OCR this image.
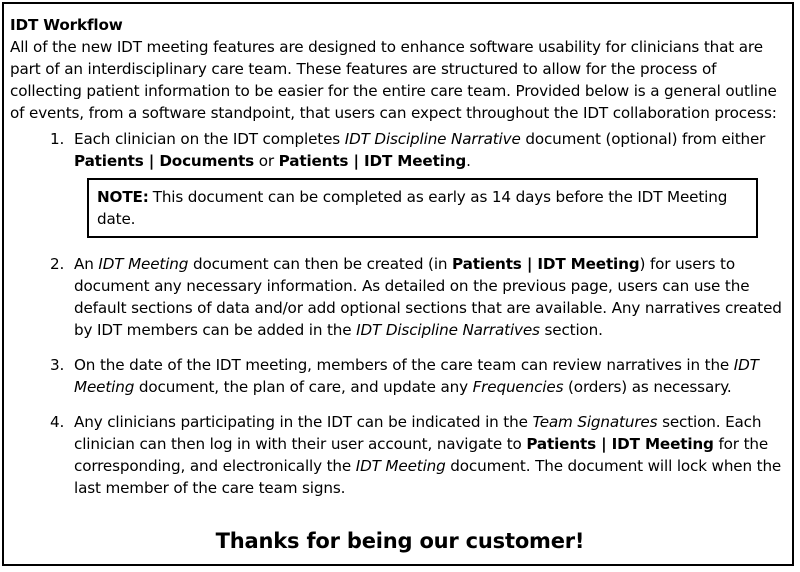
IDT Workflow

All of the new IDT meeting features are designed to enhance software usability for clinicians that are part of an interdisciplinary care team. These features are structured to allow for the process of collecting patient information to be easier for the entire care team. Provided below is a general outline of events, from a software standpoint, that users can expect throughout the IDT collaboration process:

1. Each clinician on the IDT completes IDT Discipline Narrative document (optional) from either Patients | Documents or Patients | IDT Meeting.
NOTE: This document can be completed as early as 14 days before the IDT Meeting date.
2. An IDT Meeting document can then be created (in Patients | IDT Meeting) for users to document any necessary information. As detailed on the previous page, users can use the default sections of data and/or add optional sections that are available. Any narratives created by IDT members can be added in the IDT Discipline Narratives section.
3. On the date of the IDT meeting, members of the care team can review narratives in the IDT Meeting document, the plan of care, and update any Frequencies (orders) as necessary.
4. Any clinicians participating in the IDT can be indicated in the Team Signatures section. Each clinician can then log in with their user account, navigate to Patients | IDT Meeting for the corresponding, and electronically the IDT Meeting document. The document will lock when the last member of the care team signs.
Thanks for being our customer!
